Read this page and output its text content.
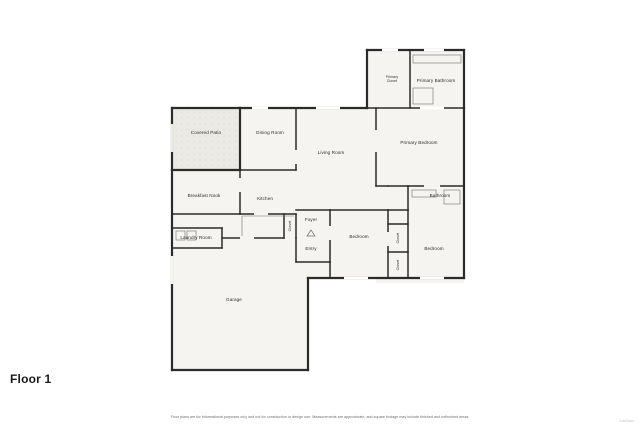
Covered Patio	Dining Room
Living Room
Primary
Closet	Primary Bathroom
Primary Bedroom
Bathroom
Breakfast Nook
Kitchen
Foyer
Entry
Bedroom
Bedroom
Laundry Room
Garage
Closet
Closet
Closet
Floor 1
Floor plans are for informational purposes only and not for construction or design use. Measurements are approximate, and square footage may include finished and unfinished areas.
CubiCasa
